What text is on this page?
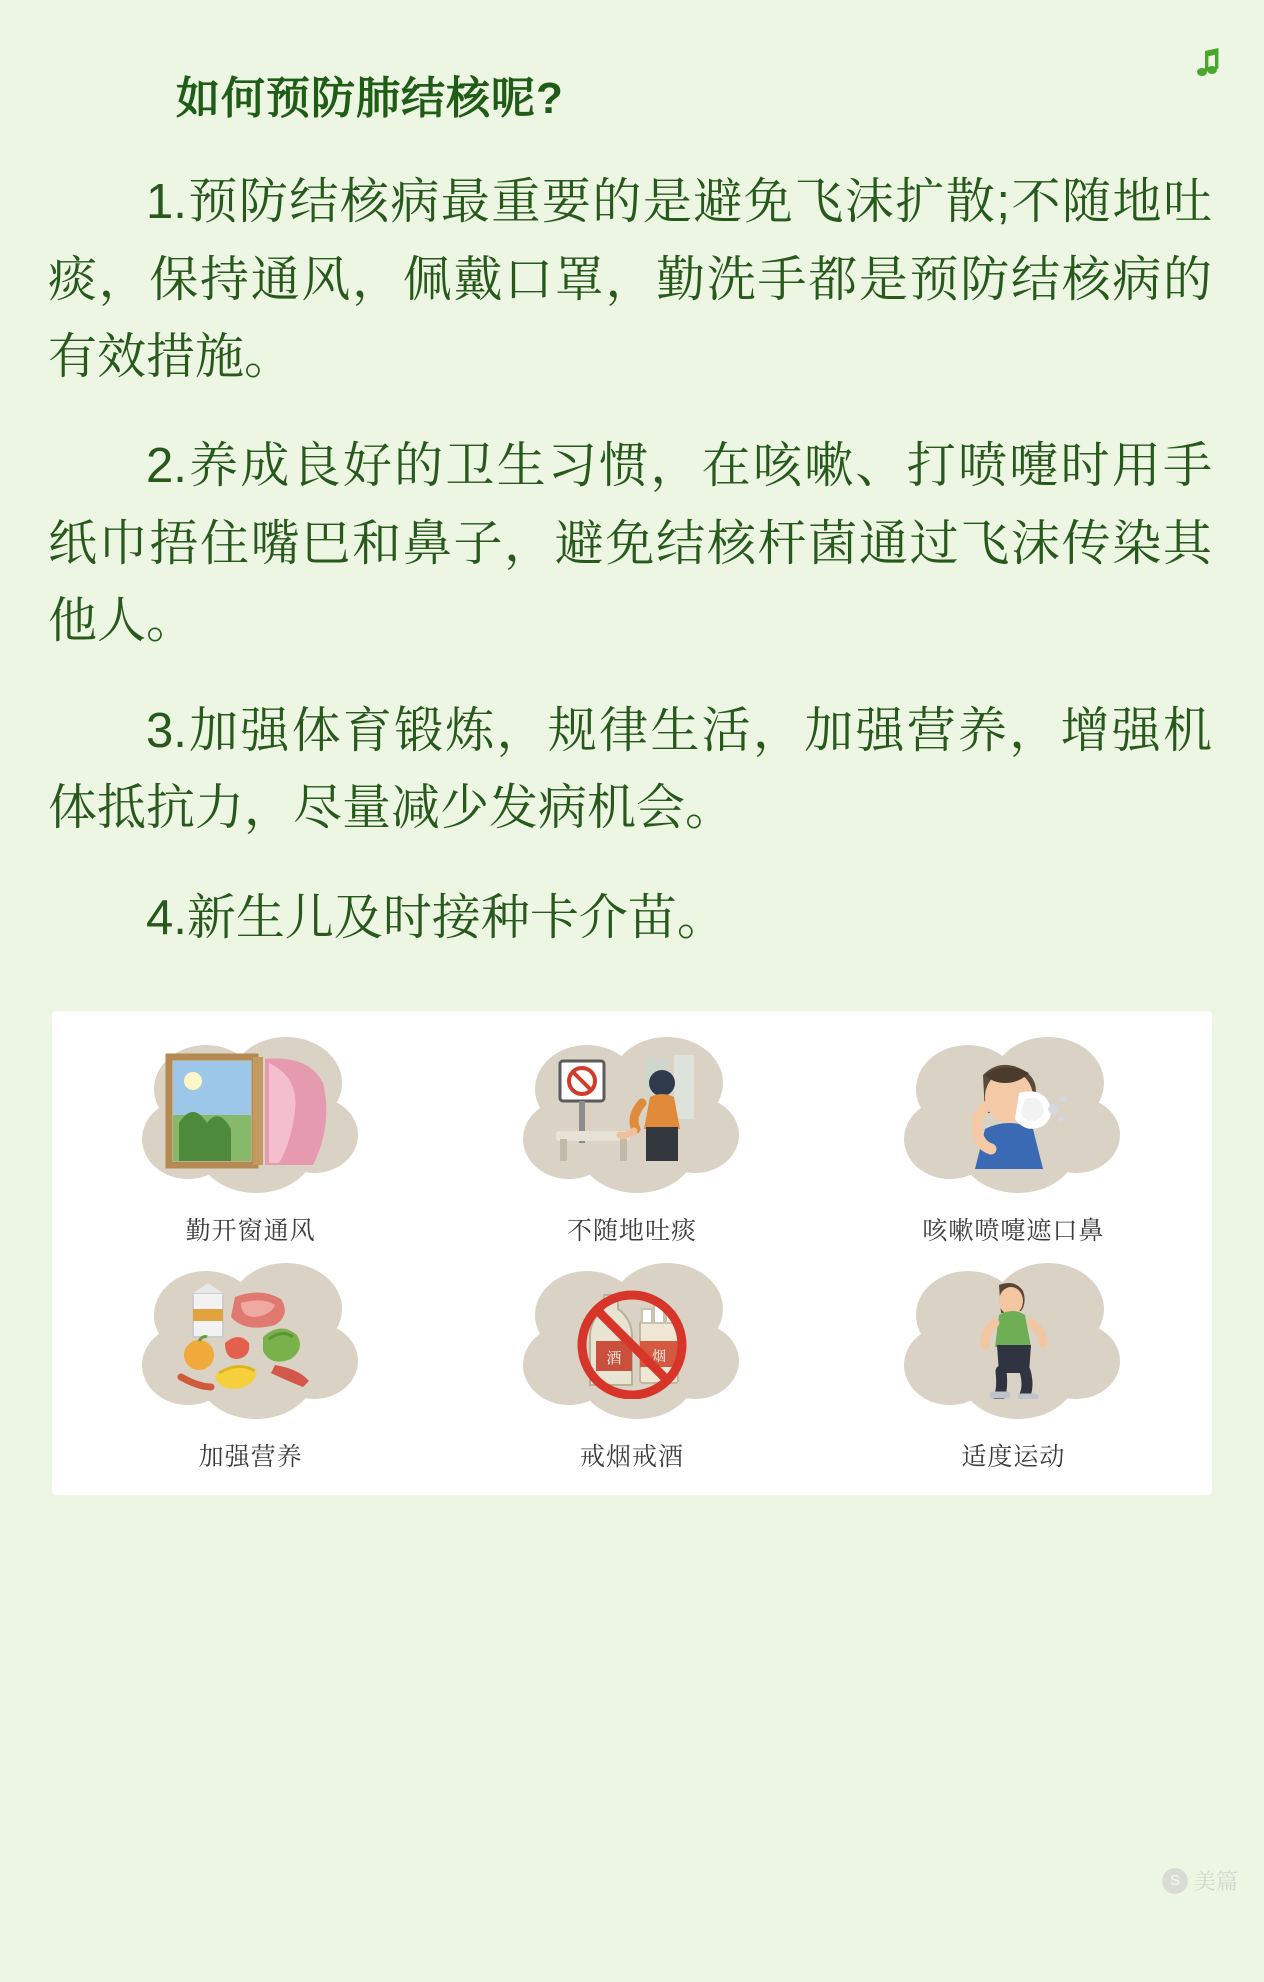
如何预防肺结核呢?

1.预防结核病最重要的是避免飞沫扩散;不随地吐痰，保持通风，佩戴口罩，勤洗手都是预防结核病的有效措施。

2.养成良好的卫生习惯，在咳嗽、打喷嚏时用手纸巾捂住嘴巴和鼻子，避免结核杆菌通过飞沫传染其他人。

3.加强体育锻炼，规律生活，加强营养，增强机体抵抗力，尽量减少发病机会。

4.新生儿及时接种卡介苗。

勤开窗通风	不随地吐痰	咳嗽喷嚏遮口鼻
加强营养
酒 烟
戒烟戒酒	适度运动
S 美篇
